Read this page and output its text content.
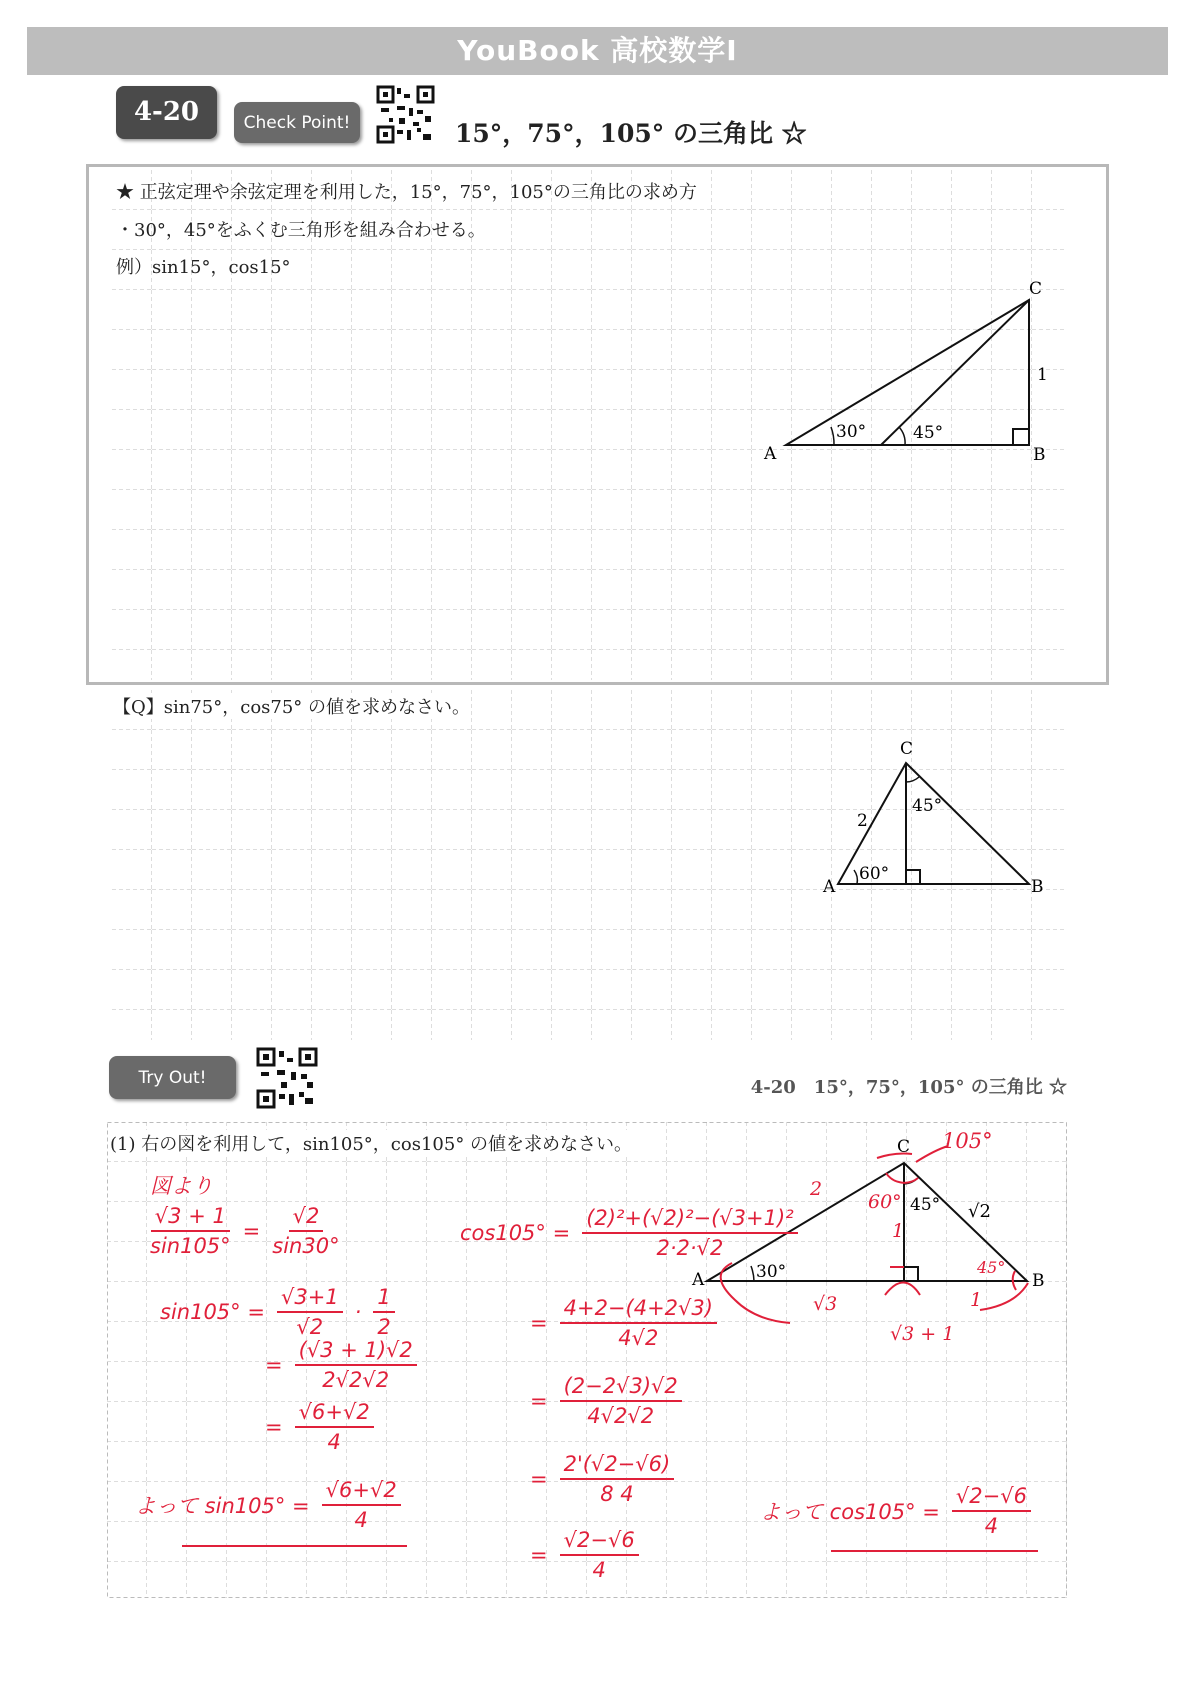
YouBook 高校数学Ⅰ
4-20	Check Point!	15°，75°，105° の三角比 ☆
★ 正弦定理や余弦定理を利用した，15°，75°，105°の三角比の求め方
・30°，45°をふくむ三角形を組み合わせる。
例）sin15°，cos15°
A	B
C
1
30°	45°
【Q】sin75°，cos75° の値を求めなさい。
A	B
C
2
60°
45°
Try Out!	4-20　15°，75°，105° の三角比 ☆
(1) 右の図を利用して，sin105°，cos105° の値を求めなさい。
A	B
C
30°
45° √2
105°
2
60°
1
√3	1
√3 + 1
45°
図より
$\frac{√3 + 1}{\sin 105^\circ} = \frac{√2}{\sin 30^\circ}$
$\sin 105^\circ = \frac{√3+1}{√2} \cdot \frac{1}{2}$
= $\frac{(√3 + 1)√2}{2√2√2}$
= $\frac{√6+√2}{4}$
よって $\sin 105^\circ = \frac{√6+√2}{4}$
$\cos 105^\circ = \frac{\text{(2)²+(√2)²−(√3+1)²}}{2\cdot 2\cdot√2}$
= $\frac{4+2-(4+2√3)}{4√2}$
= $\frac{(2-2√3)√2}{4√2√2}$
= $\frac{2'(√2-√6)}{8 4}$
= $\frac{√2-√6}{4}$
よって $\cos 105^\circ = \frac{√2-√6}{4}$
